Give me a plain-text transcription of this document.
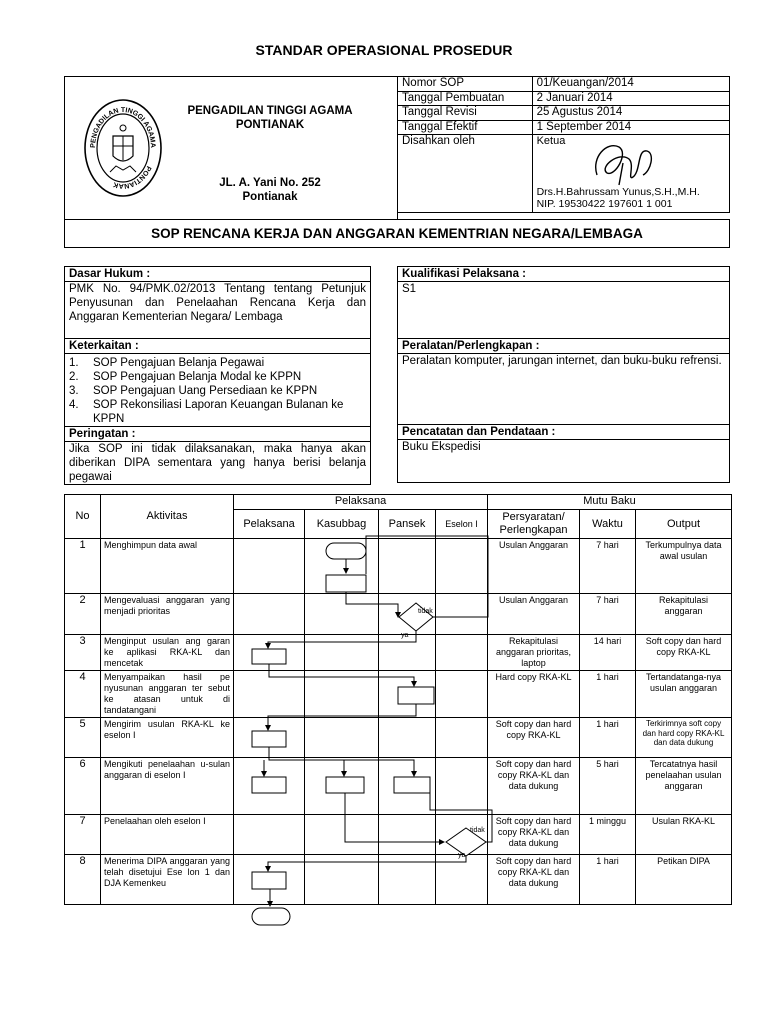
STANDAR OPERASIONAL PROSEDUR
PENGADILAN TINGGI AGAMA
PONTIANAK
PENGADILAN TINGGI AGAMA
PONTIANAK
JL. A. Yani No. 252
Pontianak
Nomor SOP	01/Keuangan/2014
Tanggal Pembuatan	2 Januari 2014
Tanggal Revisi	25 Agustus 2014
Tanggal Efektif	1 September 2014
Disahkan oleh	Ketua
Drs.H.Bahrussam Yunus,S.H.,M.H.
NIP. 19530422 197601 1 001
SOP RENCANA KERJA DAN ANGGARAN KEMENTRIAN NEGARA/LEMBAGA
Dasar Hukum :
PMK No. 94/PMK.02/2013 Tentang tentang Petunjuk Penyusunan dan Penelaahan Rencana Kerja dan Anggaran Kementerian Negara/ Lembaga
Keterkaitan :

1.	SOP Pengajuan Belanja Pegawai
2.	SOP Pengajuan Belanja Modal ke KPPN
3.	SOP Pengajuan Uang Persediaan ke KPPN
4.	SOP Rekonsiliasi Laporan Keuangan Bulanan ke KPPN

Peringatan :
Jika SOP ini tidak dilaksanakan, maka hanya akan diberikan DIPA sementara yang hanya berisi belanja pegawai
Kualifikasi Pelaksana :
S1
Peralatan/Perlengkapan :
Peralatan komputer, jarungan internet, dan buku-buku refrensi.
Pencatatan dan Pendataan :
Buku Ekspedisi
No	Aktivitas	Pelaksana				Mutu Baku		
		Pelaksana	Kasubbag	Pansek	Eselon I	Persyaratan/ Perlengkapan	Waktu	Output
1	Menghimpun data awal					Usulan Anggaran	7 hari	Terkumpulnya data awal usulan
2	Mengevaluasi anggaran yang menjadi prioritas					Usulan Anggaran	7 hari	Rekapitulasi anggaran
3	Menginput usulan ang garan ke aplikasi RKA-KL dan mencetak					Rekapitulasi anggaran prioritas, laptop	14 hari	Soft copy dan hard copy RKA-KL
4	Menyampaikan hasil pe nyusunan anggaran ter sebut ke atasan untuk di tandatangani					Hard copy RKA-KL	1 hari	Tertandatanga-nya usulan anggaran
5	Mengirim usulan RKA-KL ke eselon I					Soft copy dan hard copy RKA-KL	1 hari	Terkirimnya soft copy dan hard copy RKA-KL dan data dukung
6	Mengikuti penelaahan u-sulan anggaran di eselon I					Soft copy dan hard copy RKA-KL dan data dukung	5 hari	Tercatatnya hasil penelaahan usulan anggaran
7	Penelaahan oleh eselon I					Soft copy dan hard copy RKA-KL dan data dukung	1 minggu	Usulan RKA-KL
8	Menerima DIPA anggaran yang telah disetujui Ese lon 1 dan DJA Kemenkeu					Soft copy dan hard copy RKA-KL dan data dukung	1 hari	Petikan DIPA
tidak
ya
tidak
ya
